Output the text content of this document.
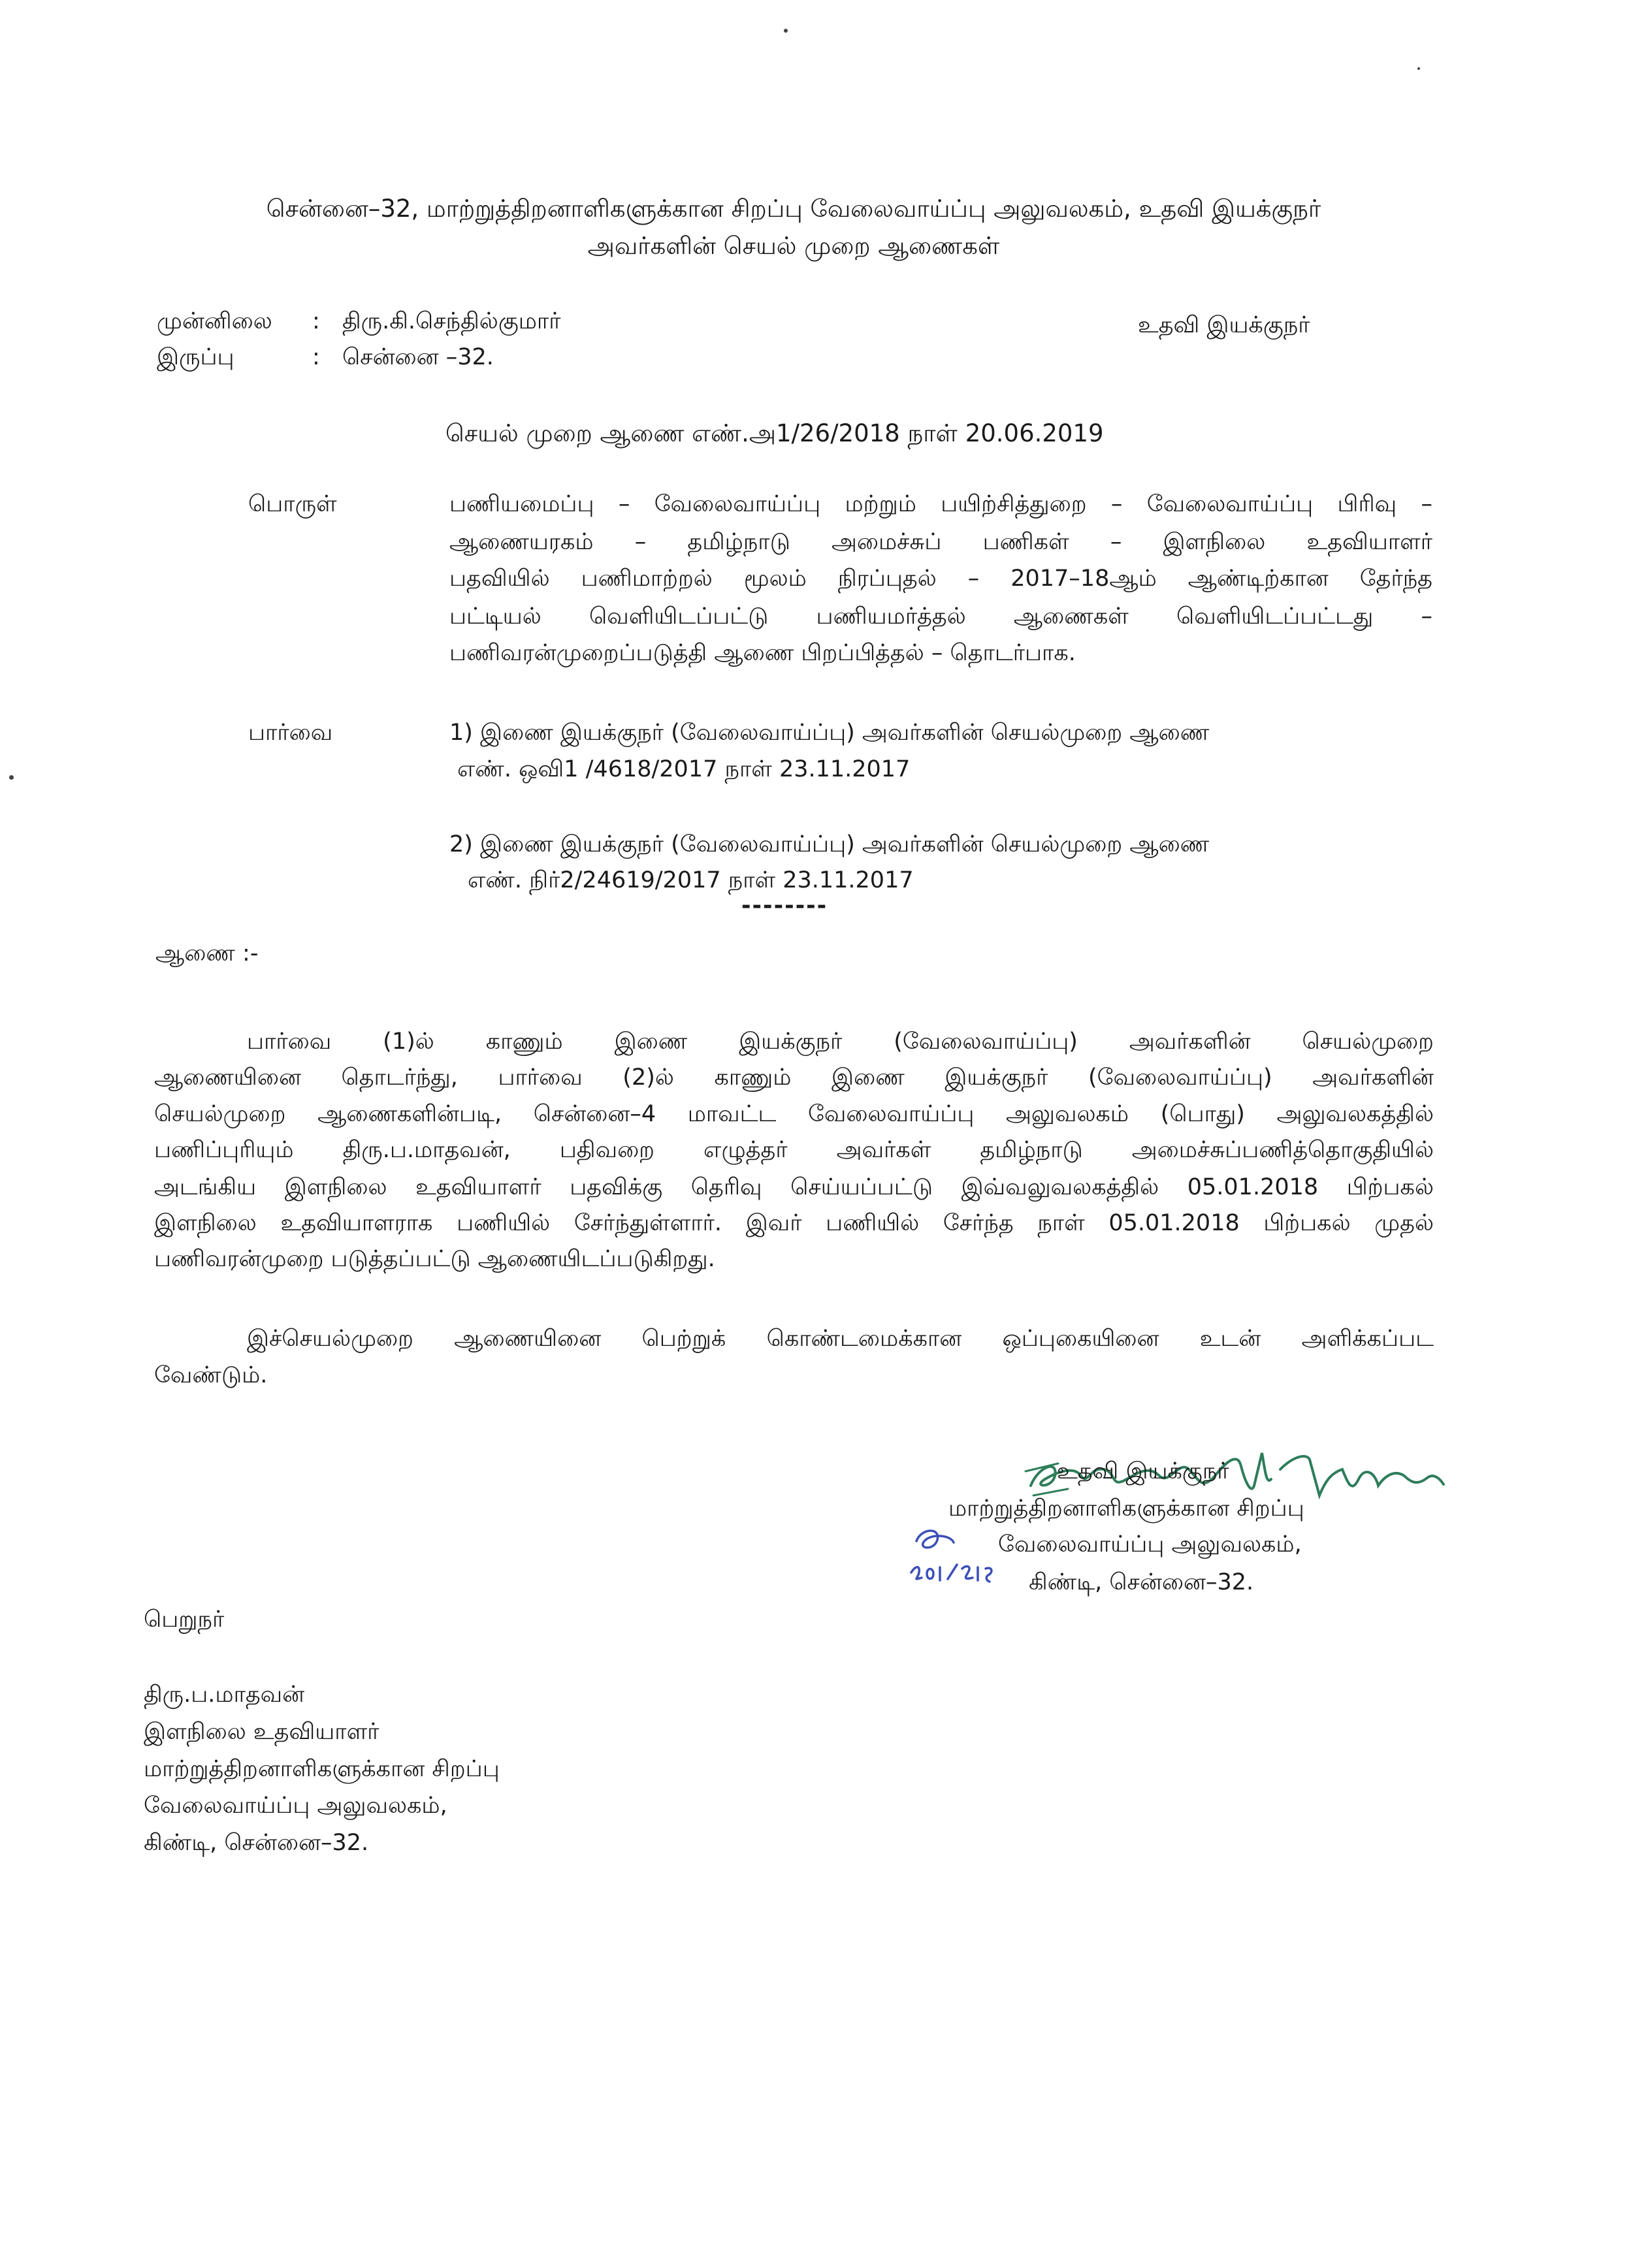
சென்னை–32, மாற்றுத்திறனாளிகளுக்கான சிறப்பு வேலைவாய்ப்பு அலுவலகம், உதவி இயக்குநர்
அவர்களின் செயல் முறை ஆணைகள்
முன்னிலை : திரு.கி.செந்தில்குமார்	உதவி இயக்குநர்
இருப்பு	: சென்னை –32.
செயல் முறை ஆணை எண்.அ1/26/2018 நாள் 20.06.2019
பொருள்	பணியமைப்பு – வேலைவாய்ப்பு மற்றும் பயிற்சித்துறை – வேலைவாய்ப்பு பிரிவு –
ஆணையரகம் – தமிழ்நாடு அமைச்சுப் பணிகள் – இளநிலை உதவியாளர்
பதவியில் பணிமாற்றல் மூலம் நிரப்புதல் – 2017–18ஆம் ஆண்டிற்கான தேர்ந்த
பட்டியல் வெளியிடப்பட்டு பணியமர்த்தல் ஆணைகள் வெளியிடப்பட்டது –
பணிவரன்முறைப்படுத்தி ஆணை பிறப்பித்தல் – தொடர்பாக.
பார்வை	1) இணை இயக்குநர் (வேலைவாய்ப்பு) அவர்களின் செயல்முறை ஆணை
எண். ஒவி1 /4618/2017 நாள் 23.11.2017
2) இணை இயக்குநர் (வேலைவாய்ப்பு) அவர்களின் செயல்முறை ஆணை
எண். நிர்2/24619/2017 நாள் 23.11.2017
--------
ஆணை :-
பார்வை (1)ல் காணும் இணை இயக்குநர் (வேலைவாய்ப்பு) அவர்களின் செயல்முறை
ஆணையினை தொடர்ந்து, பார்வை (2)ல் காணும் இணை இயக்குநர் (வேலைவாய்ப்பு) அவர்களின்
செயல்முறை ஆணைகளின்படி, சென்னை–4 மாவட்ட வேலைவாய்ப்பு அலுவலகம் (பொது) அலுவலகத்தில்
பணிப்புரியும் திரு.ப.மாதவன், பதிவறை எழுத்தர் அவர்கள் தமிழ்நாடு அமைச்சுப்பணித்தொகுதியில்
அடங்கிய இளநிலை உதவியாளர் பதவிக்கு தெரிவு செய்யப்பட்டு இவ்வலுவலகத்தில் 05.01.2018 பிற்பகல்
இளநிலை உதவியாளராக பணியில் சேர்ந்துள்ளார். இவர் பணியில் சேர்ந்த நாள் 05.01.2018 பிற்பகல் முதல்
பணிவரன்முறை படுத்தப்பட்டு ஆணையிடப்படுகிறது.
இச்செயல்முறை ஆணையினை பெற்றுக் கொண்டமைக்கான ஒப்புகையினை உடன் அளிக்கப்பட
வேண்டும்.
உதவி இயக்குநர்
மாற்றுத்திறனாளிகளுக்கான சிறப்பு
வேலைவாய்ப்பு அலுவலகம்,
கிண்டி, சென்னை–32.
பெறுநர்
திரு.ப.மாதவன்
இளநிலை உதவியாளர்
மாற்றுத்திறனாளிகளுக்கான சிறப்பு
வேலைவாய்ப்பு அலுவலகம்,
கிண்டி, சென்னை–32.
